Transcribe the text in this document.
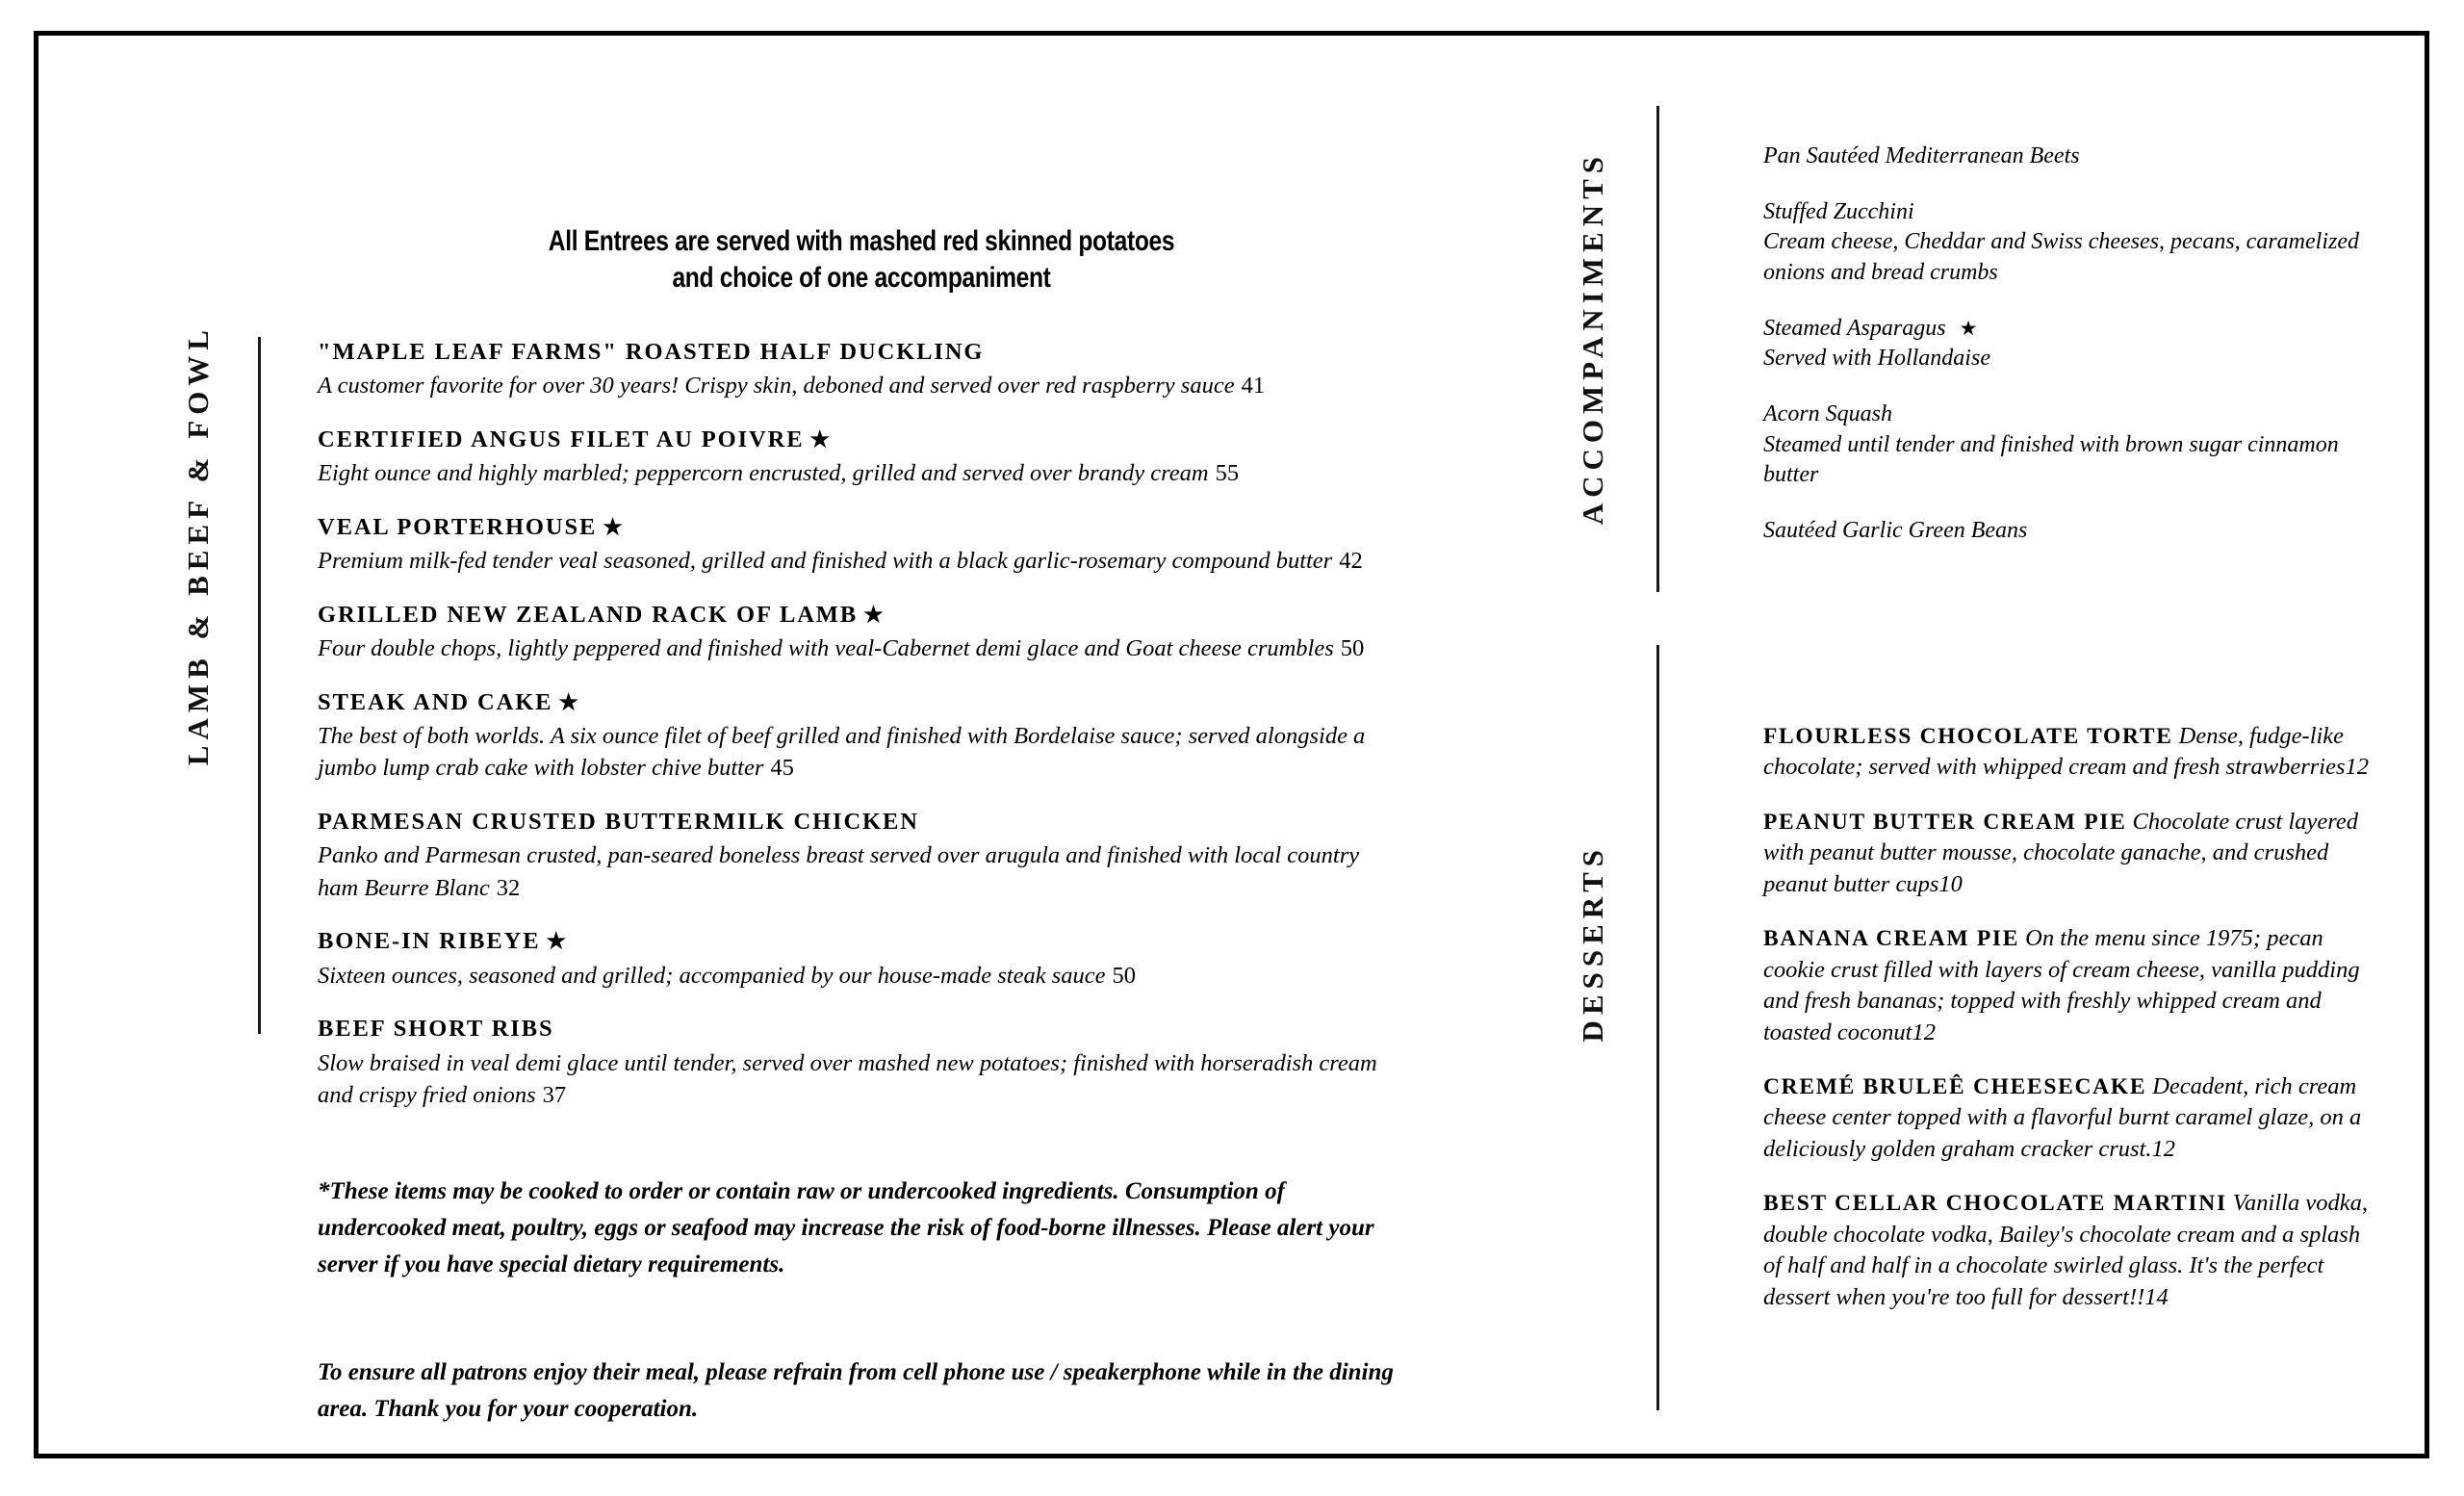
LAMB & BEEF & FOWL	ACCOMPANIMENTS
DESSERTS
All Entrees are served with mashed red skinned potatoes
and choice of one accompaniment
"MAPLE LEAF FARMS" ROASTED HALF DUCKLING
A customer favorite for over 30 years! Crispy skin, deboned and served over red raspberry sauce 41
CERTIFIED ANGUS FILET AU POIVRE ★
Eight ounce and highly marbled; peppercorn encrusted, grilled and served over brandy cream 55
VEAL PORTERHOUSE ★
Premium milk-fed tender veal seasoned, grilled and finished with a black garlic-rosemary compound butter 42
GRILLED NEW ZEALAND RACK OF LAMB ★
Four double chops, lightly peppered and finished with veal-Cabernet demi glace and Goat cheese crumbles 50
STEAK AND CAKE ★
The best of both worlds. A six ounce filet of beef grilled and finished with Bordelaise sauce; served alongside a jumbo lump crab cake with lobster chive butter 45
PARMESAN CRUSTED BUTTERMILK CHICKEN
Panko and Parmesan crusted, pan-seared boneless breast served over arugula and finished with local country ham Beurre Blanc 32
BONE-IN RIBEYE ★
Sixteen ounces, seasoned and grilled; accompanied by our house-made steak sauce 50
BEEF SHORT RIBS
Slow braised in veal demi glace until tender, served over mashed new potatoes; finished with horseradish cream and crispy fried onions 37
*These items may be cooked to order or contain raw or undercooked ingredients. Consumption of undercooked meat, poultry, eggs or seafood may increase the risk of food-borne illnesses. Please alert your server if you have special dietary requirements.
To ensure all patrons enjoy their meal, please refrain from cell phone use / speakerphone while in the dining area. Thank you for your cooperation.
Pan Sautéed Mediterranean Beets
Stuffed Zucchini
Cream cheese, Cheddar and Swiss cheeses, pecans, caramelized onions and bread crumbs
Steamed Asparagus ★
Served with Hollandaise
Acorn Squash
Steamed until tender and finished with brown sugar cinnamon butter
Sautéed Garlic Green Beans
FLOURLESS CHOCOLATE TORTE Dense, fudge-like chocolate; served with whipped cream and fresh strawberries12
PEANUT BUTTER CREAM PIE Chocolate crust layered with peanut butter mousse, chocolate ganache, and crushed peanut butter cups10
BANANA CREAM PIE On the menu since 1975; pecan cookie crust filled with layers of cream cheese, vanilla pudding and fresh bananas; topped with freshly whipped cream and toasted coconut12
CREMÉ BRULEÊ CHEESECAKE Decadent, rich cream cheese center topped with a flavorful burnt caramel glaze, on a deliciously golden graham cracker crust.12
BEST CELLAR CHOCOLATE MARTINI Vanilla vodka, double chocolate vodka, Bailey's chocolate cream and a splash of half and half in a chocolate swirled glass. It's the perfect dessert when you're too full for dessert!!14
